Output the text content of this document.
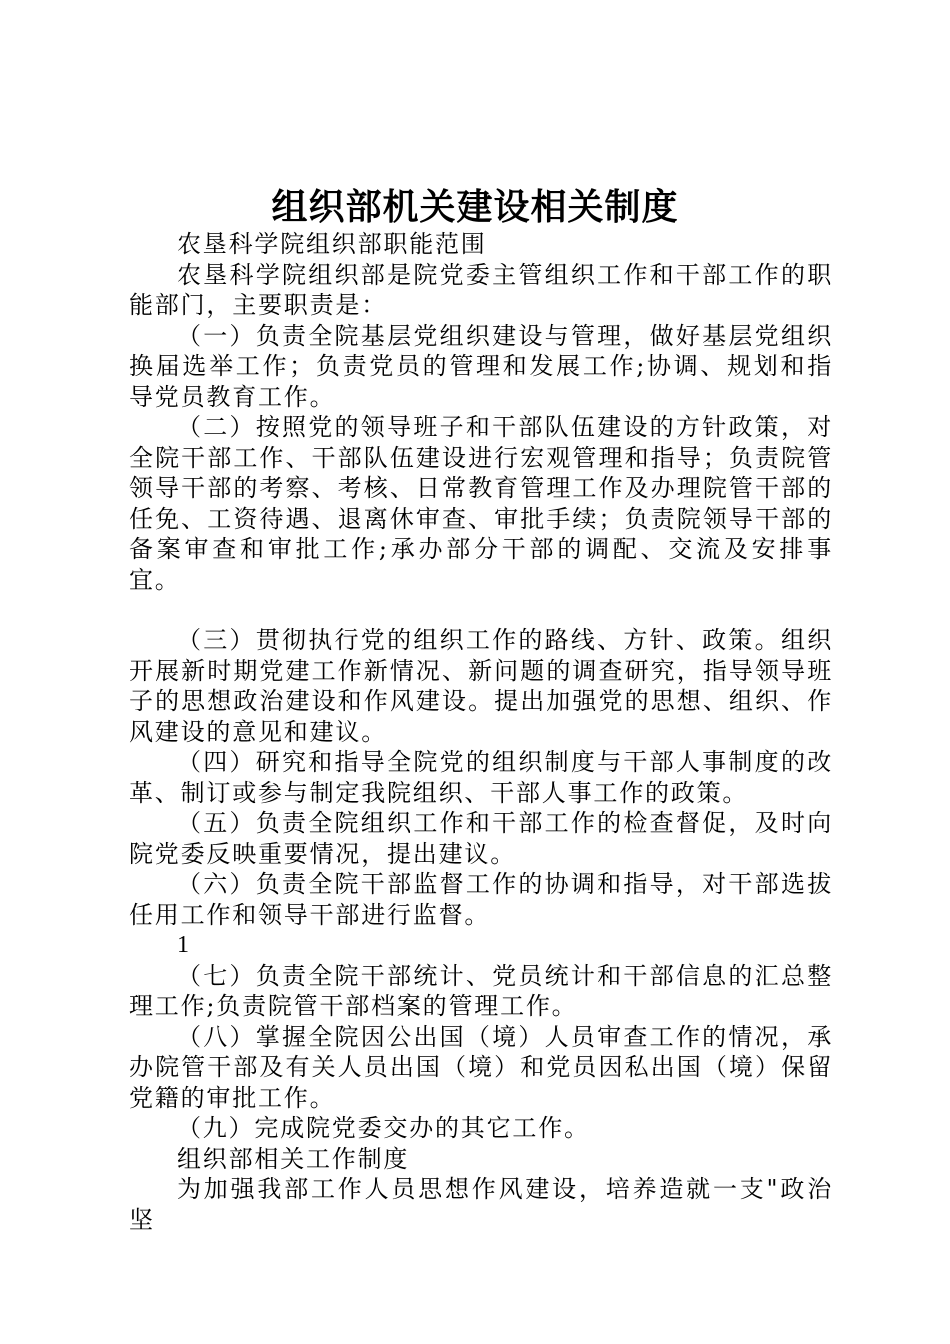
组织部机关建设相关制度

农垦科学院组织部职能范围

农垦科学院组织部是院党委主管组织工作和干部工作的职能部门，主要职责是：

（一）负责全院基层党组织建设与管理，做好基层党组织换届选举工作；负责党员的管理和发展工作;协调、规划和指导党员教育工作。

（二）按照党的领导班子和干部队伍建设的方针政策，对全院干部工作、干部队伍建设进行宏观管理和指导；负责院管领导干部的考察、考核、日常教育管理工作及办理院管干部的任免、工资待遇、退离休审查、审批手续；负责院领导干部的备案审查和审批工作;承办部分干部的调配、交流及安排事宜。

（三）贯彻执行党的组织工作的路线、方针、政策。组织开展新时期党建工作新情况、新问题的调查研究，指导领导班子的思想政治建设和作风建设。提出加强党的思想、组织、作风建设的意见和建议。

（四）研究和指导全院党的组织制度与干部人事制度的改革、制订或参与制定我院组织、干部人事工作的政策。

（五）负责全院组织工作和干部工作的检查督促，及时向院党委反映重要情况，提出建议。

（六）负责全院干部监督工作的协调和指导，对干部选拔任用工作和领导干部进行监督。

1

（七）负责全院干部统计、党员统计和干部信息的汇总整理工作;负责院管干部档案的管理工作。

（八）掌握全院因公出国（境）人员审查工作的情况，承办院管干部及有关人员出国（境）和党员因私出国（境）保留党籍的审批工作。

（九）完成院党委交办的其它工作。

组织部相关工作制度

为加强我部工作人员思想作风建设，培养造就一支"政治坚
